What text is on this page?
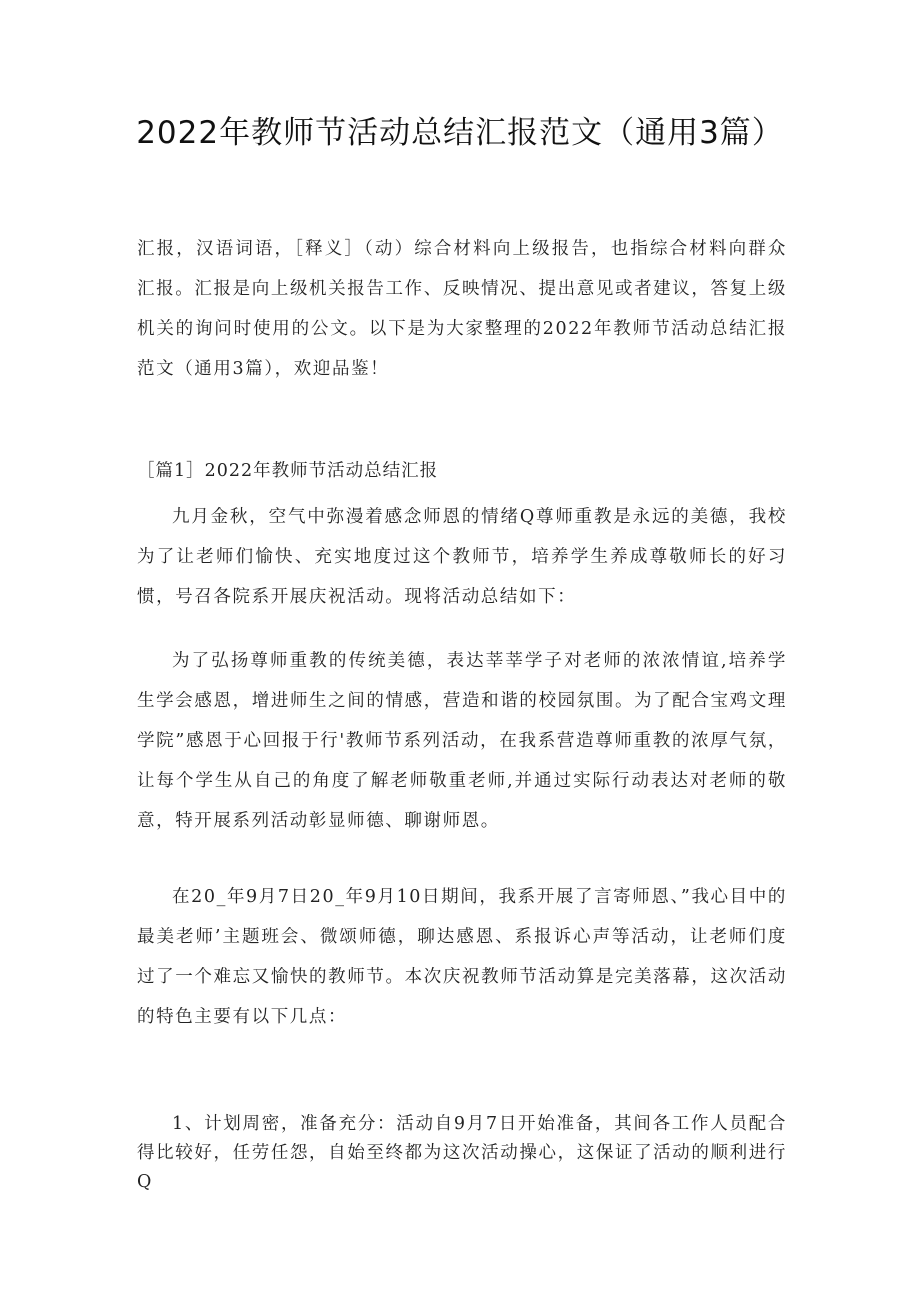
2022年教师节活动总结汇报范文（通用3篇）

汇报，汉语词语，［释义］（动）综合材料向上级报告，也指综合材料向群众汇报。汇报是向上级机关报告工作、反映情况、提出意见或者建议，答复上级机关的询问时使用的公文。以下是为大家整理的2022年教师节活动总结汇报范文（通用3篇），欢迎品鉴！

［篇1］2022年教师节活动总结汇报

九月金秋，空气中弥漫着感念师恩的情绪Q尊师重教是永远的美德，我校为了让老师们愉快、充实地度过这个教师节，培养学生养成尊敬师长的好习惯，号召各院系开展庆祝活动。现将活动总结如下：

为了弘扬尊师重教的传统美德，表达莘莘学子对老师的浓浓情谊,培养学生学会感恩，增进师生之间的情感，营造和谐的校园氛围。为了配合宝鸡文理学院”感恩于心回报于行'教师节系列活动，在我系营造尊师重教的浓厚气氛，让每个学生从自己的角度了解老师敬重老师,并通过实际行动表达对老师的敬意，特开展系列活动彰显师德、聊谢师恩。

在20_年9月7日20_年9月10日期间，我系开展了言寄师恩、”我心目中的最美老师’主题班会、微颂师德，聊达感恩、系报诉心声等活动，让老师们度过了一个难忘又愉快的教师节。本次庆祝教师节活动算是完美落幕，这次活动的特色主要有以下几点：

1、计划周密，准备充分：活动自9月7日开始准备，其间各工作人员配合得比较好，任劳任怨，自始至终都为这次活动操心，这保证了活动的顺利进行Q
